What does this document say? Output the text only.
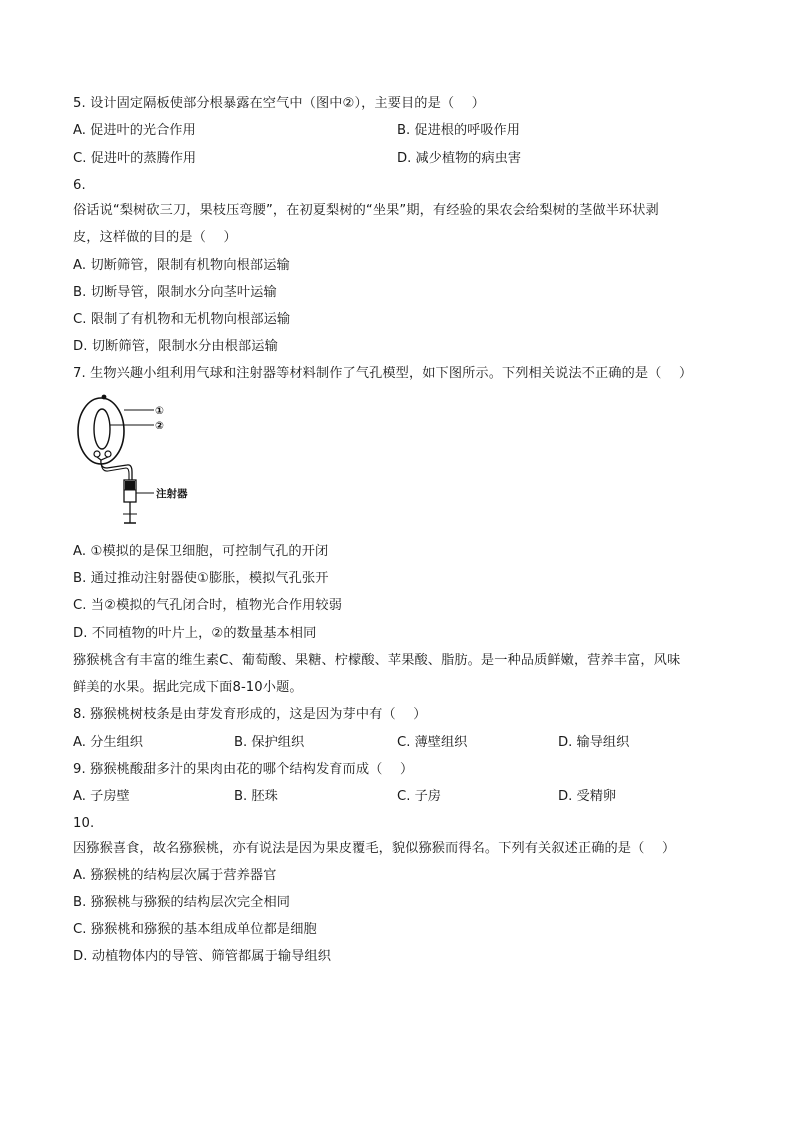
5. 设计固定隔板使部分根暴露在空气中（图中②），主要目的是（　 ）
A. 促进叶的光合作用	B. 促进根的呼吸作用
C. 促进叶的蒸腾作用	D. 减少植物的病虫害
6.
俗话说“梨树砍三刀，果枝压弯腰”，在初夏梨树的“坐果”期，有经验的果农会给梨树的茎做半环状剥
皮，这样做的目的是（　 ）
A. 切断筛管，限制有机物向根部运输
B. 切断导管，限制水分向茎叶运输
C. 限制了有机物和无机物向根部运输
D. 切断筛管，限制水分由根部运输
7. 生物兴趣小组利用气球和注射器等材料制作了气孔模型，如下图所示。下列相关说法不正确的是（　 ）
①
②
注射器
A. ①模拟的是保卫细胞，可控制气孔的开闭
B. 通过推动注射器使①膨胀，模拟气孔张开
C. 当②模拟的气孔闭合时，植物光合作用较弱
D. 不同植物的叶片上，②的数量基本相同
猕猴桃含有丰富的维生素C、葡萄酸、果糖、柠檬酸、苹果酸、脂肪。是一种品质鲜嫩，营养丰富，风味
鲜美的水果。据此完成下面8-10小题。
8. 猕猴桃树枝条是由芽发育形成的，这是因为芽中有（　 ）
A. 分生组织	B. 保护组织	C. 薄壁组织	D. 输导组织
9. 猕猴桃酸甜多汁的果肉由花的哪个结构发育而成（　 ）
A. 子房壁	B. 胚珠	C. 子房	D. 受精卵
10.
因猕猴喜食，故名猕猴桃，亦有说法是因为果皮覆毛，貌似猕猴而得名。下列有关叙述正确的是（　 ）
A. 猕猴桃的结构层次属于营养器官
B. 猕猴桃与猕猴的结构层次完全相同
C. 猕猴桃和猕猴的基本组成单位都是细胞
D. 动植物体内的导管、筛管都属于输导组织
